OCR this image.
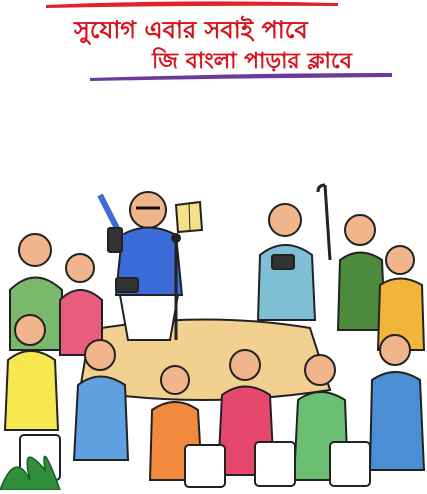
সুযোগ এবার সবাই পাবে
জি বাংলা পাড়ার ক্লাবে
